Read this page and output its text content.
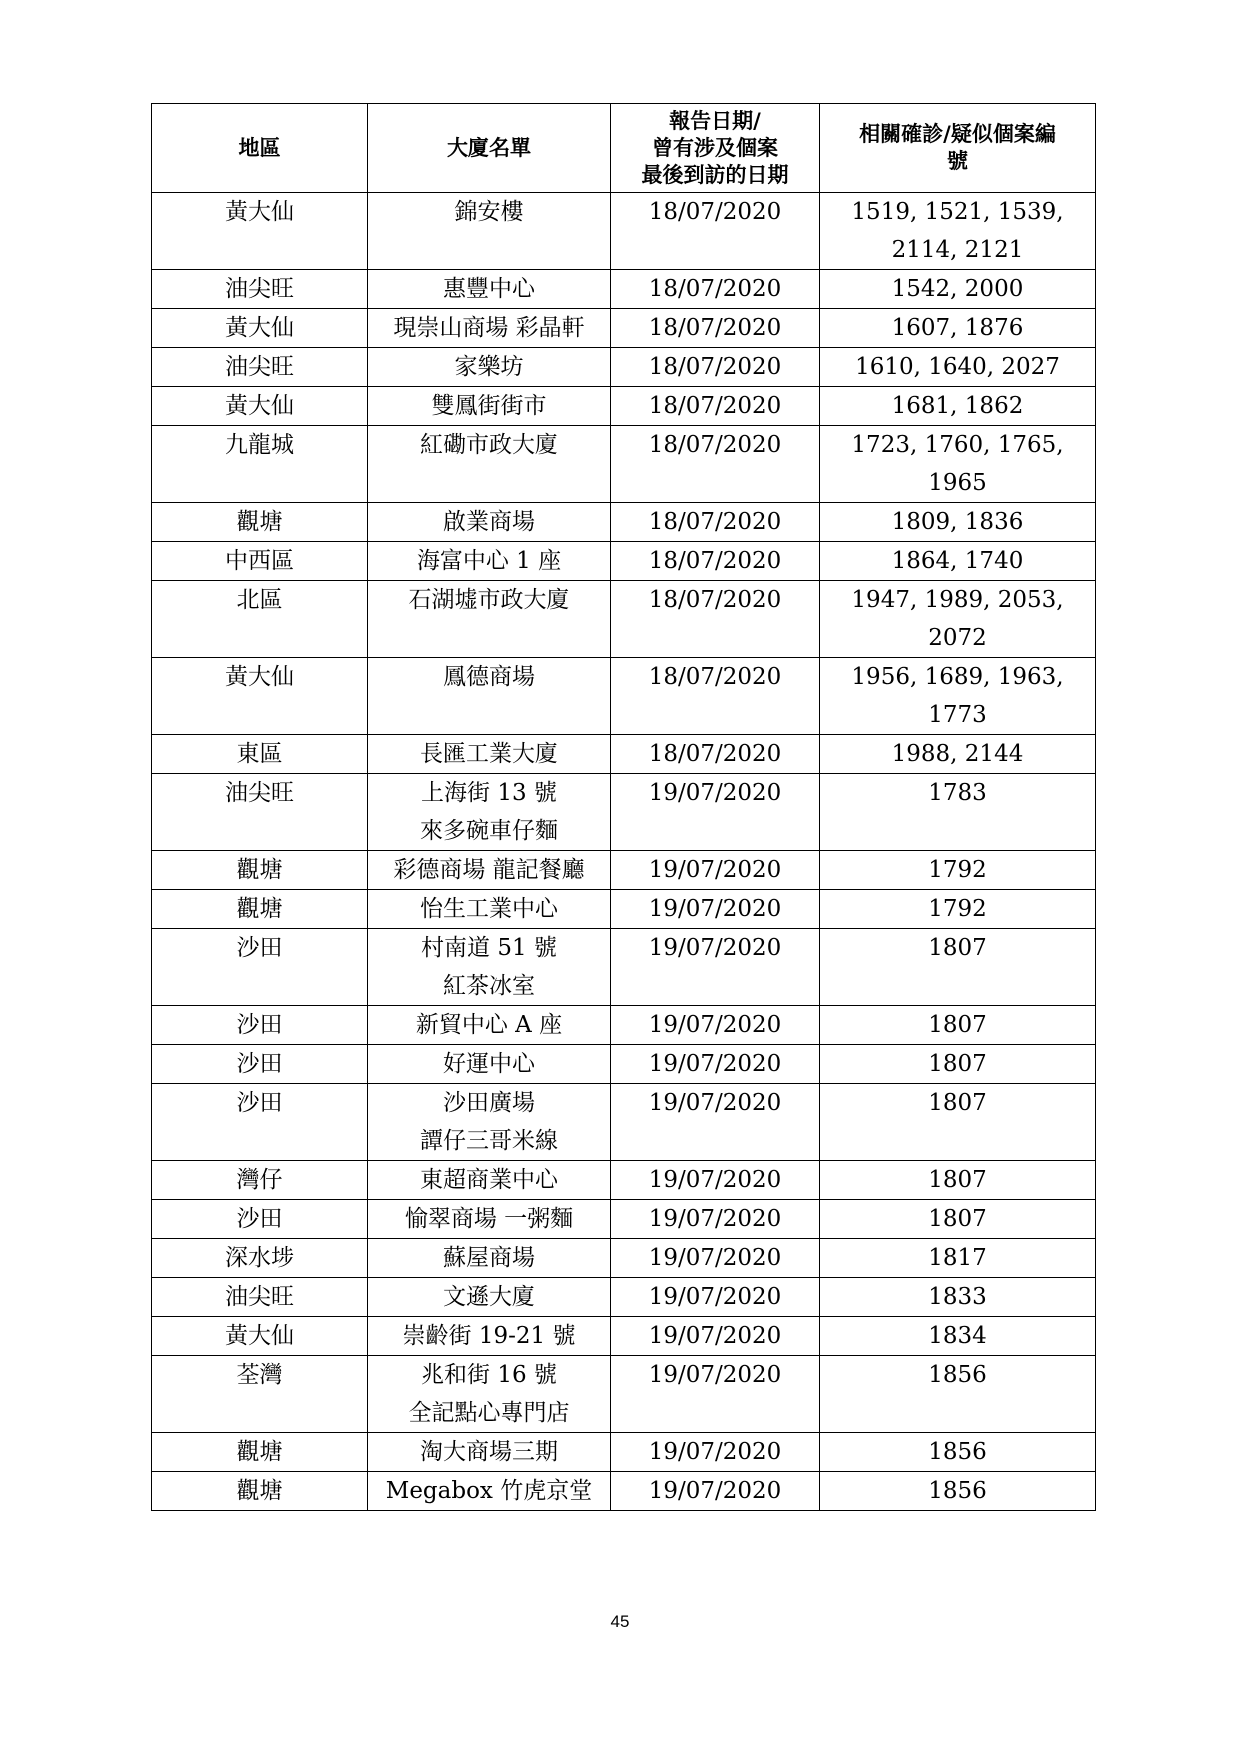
地區	大廈名單	報告日期/
曾有涉及個案
最後到訪的日期	相關確診/疑似個案編
號

黃大仙	錦安樓	18/07/2020	1519, 1521, 1539,
2114, 2121

油尖旺	惠豐中心	18/07/2020	1542, 2000

黃大仙	現崇山商場 彩晶軒	18/07/2020	1607, 1876

油尖旺	家樂坊	18/07/2020	1610, 1640, 2027

黃大仙	雙鳳街街市	18/07/2020	1681, 1862

九龍城	紅磡市政大廈	18/07/2020	1723, 1760, 1765,
1965

觀塘	啟業商場	18/07/2020	1809, 1836

中西區	海富中心 1 座	18/07/2020	1864, 1740

北區	石湖墟市政大廈	18/07/2020	1947, 1989, 2053,
2072

黃大仙	鳳德商場	18/07/2020	1956, 1689, 1963,
1773

東區	長匯工業大廈	18/07/2020	1988, 2144

油尖旺	上海街 13 號
來多碗車仔麵	19/07/2020	1783

觀塘	彩德商場 龍記餐廳	19/07/2020	1792

觀塘	怡生工業中心	19/07/2020	1792

沙田	村南道 51 號
紅茶冰室	19/07/2020	1807

沙田	新貿中心 A 座	19/07/2020	1807

沙田	好運中心	19/07/2020	1807

沙田	沙田廣場
譚仔三哥米線	19/07/2020	1807

灣仔	東超商業中心	19/07/2020	1807

沙田	愉翠商場 一粥麵	19/07/2020	1807

深水埗	蘇屋商場	19/07/2020	1817

油尖旺	文遜大廈	19/07/2020	1833

黃大仙	崇齡街 19-21 號	19/07/2020	1834

荃灣	兆和街 16 號
全記點心專門店	19/07/2020	1856

觀塘	淘大商場三期	19/07/2020	1856

觀塘	Megabox 竹虎京堂	19/07/2020	1856
45
